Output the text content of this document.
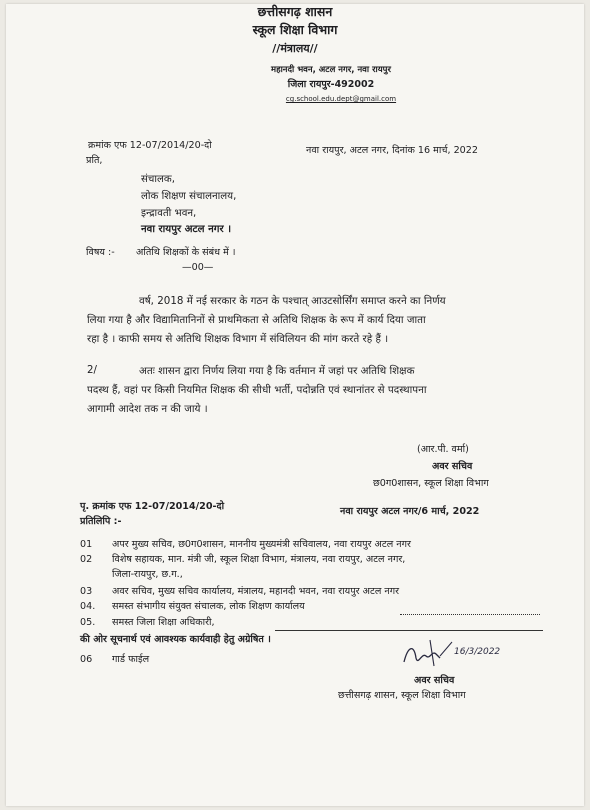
छत्तीसगढ़ शासन
स्कूल शिक्षा विभाग
//मंत्रालय//
महानदी भवन, अटल नगर, नवा रायपुर
जिला रायपुर-492002
cg.school.edu.dept@gmail.com
क्रमांक एफ 12-07/2014/20-दो	नवा रायपुर, अटल नगर, दिनांक 16 मार्च, 2022
प्रति,
संचालक,
लोक शिक्षण संचालनालय,
इन्द्रावती भवन,
नवा रायपुर अटल नगर ।
विषय :- अतिथि शिक्षकों के संबंध में ।
—00—
वर्ष, 2018 में नई सरकार के गठन के पश्चात् आउटसोर्सिंग समाप्त करने का निर्णय
लिया गया है और विद्यामितानिनों से प्राथमिकता से अतिथि शिक्षक के रूप में कार्य दिया जाता
रहा है । काफी समय से अतिथि शिक्षक विभाग में संविलियन की मांग करते रहे हैं ।
2/	अतः शासन द्वारा निर्णय लिया गया है कि वर्तमान में जहां पर अतिथि शिक्षक
पदस्थ हैं, वहां पर किसी नियमित शिक्षक की सीधी भर्ती, पदोन्नति एवं स्थानांतर से पदस्थापना
आगामी आदेश तक न की जाये ।
(आर.पी. वर्मा)
अवर सचिव
छ0ग0शासन, स्कूल शिक्षा विभाग
पृ. क्रमांक एफ 12-07/2014/20-दो	नवा रायपुर अटल नगर/6 मार्च, 2022
प्रतिलिपि :-
01 अपर मुख्य सचिव, छ0ग0शासन, माननीय मुख्यमंत्री सचिवालय, नवा रायपुर अटल नगर
02 विशेष सहायक, मान. मंत्री जी, स्कूल शिक्षा विभाग, मंत्रालय, नवा रायपुर, अटल नगर,
जिला-रायपुर, छ.ग.,
03 अवर सचिव, मुख्य सचिव कार्यालय, मंत्रालय, महानदी भवन, नवा रायपुर अटल नगर
04. समस्त संभागीय संयुक्त संचालक, लोक शिक्षण कार्यालय
05. समस्त जिला शिक्षा अधिकारी,
की ओर सूचनार्थ एवं आवश्यक कार्यवाही हेतु अग्रेषित ।
06 गार्ड फाईल
16/3/2022
अवर सचिव
छत्तीसगढ़ शासन, स्कूल शिक्षा विभाग
